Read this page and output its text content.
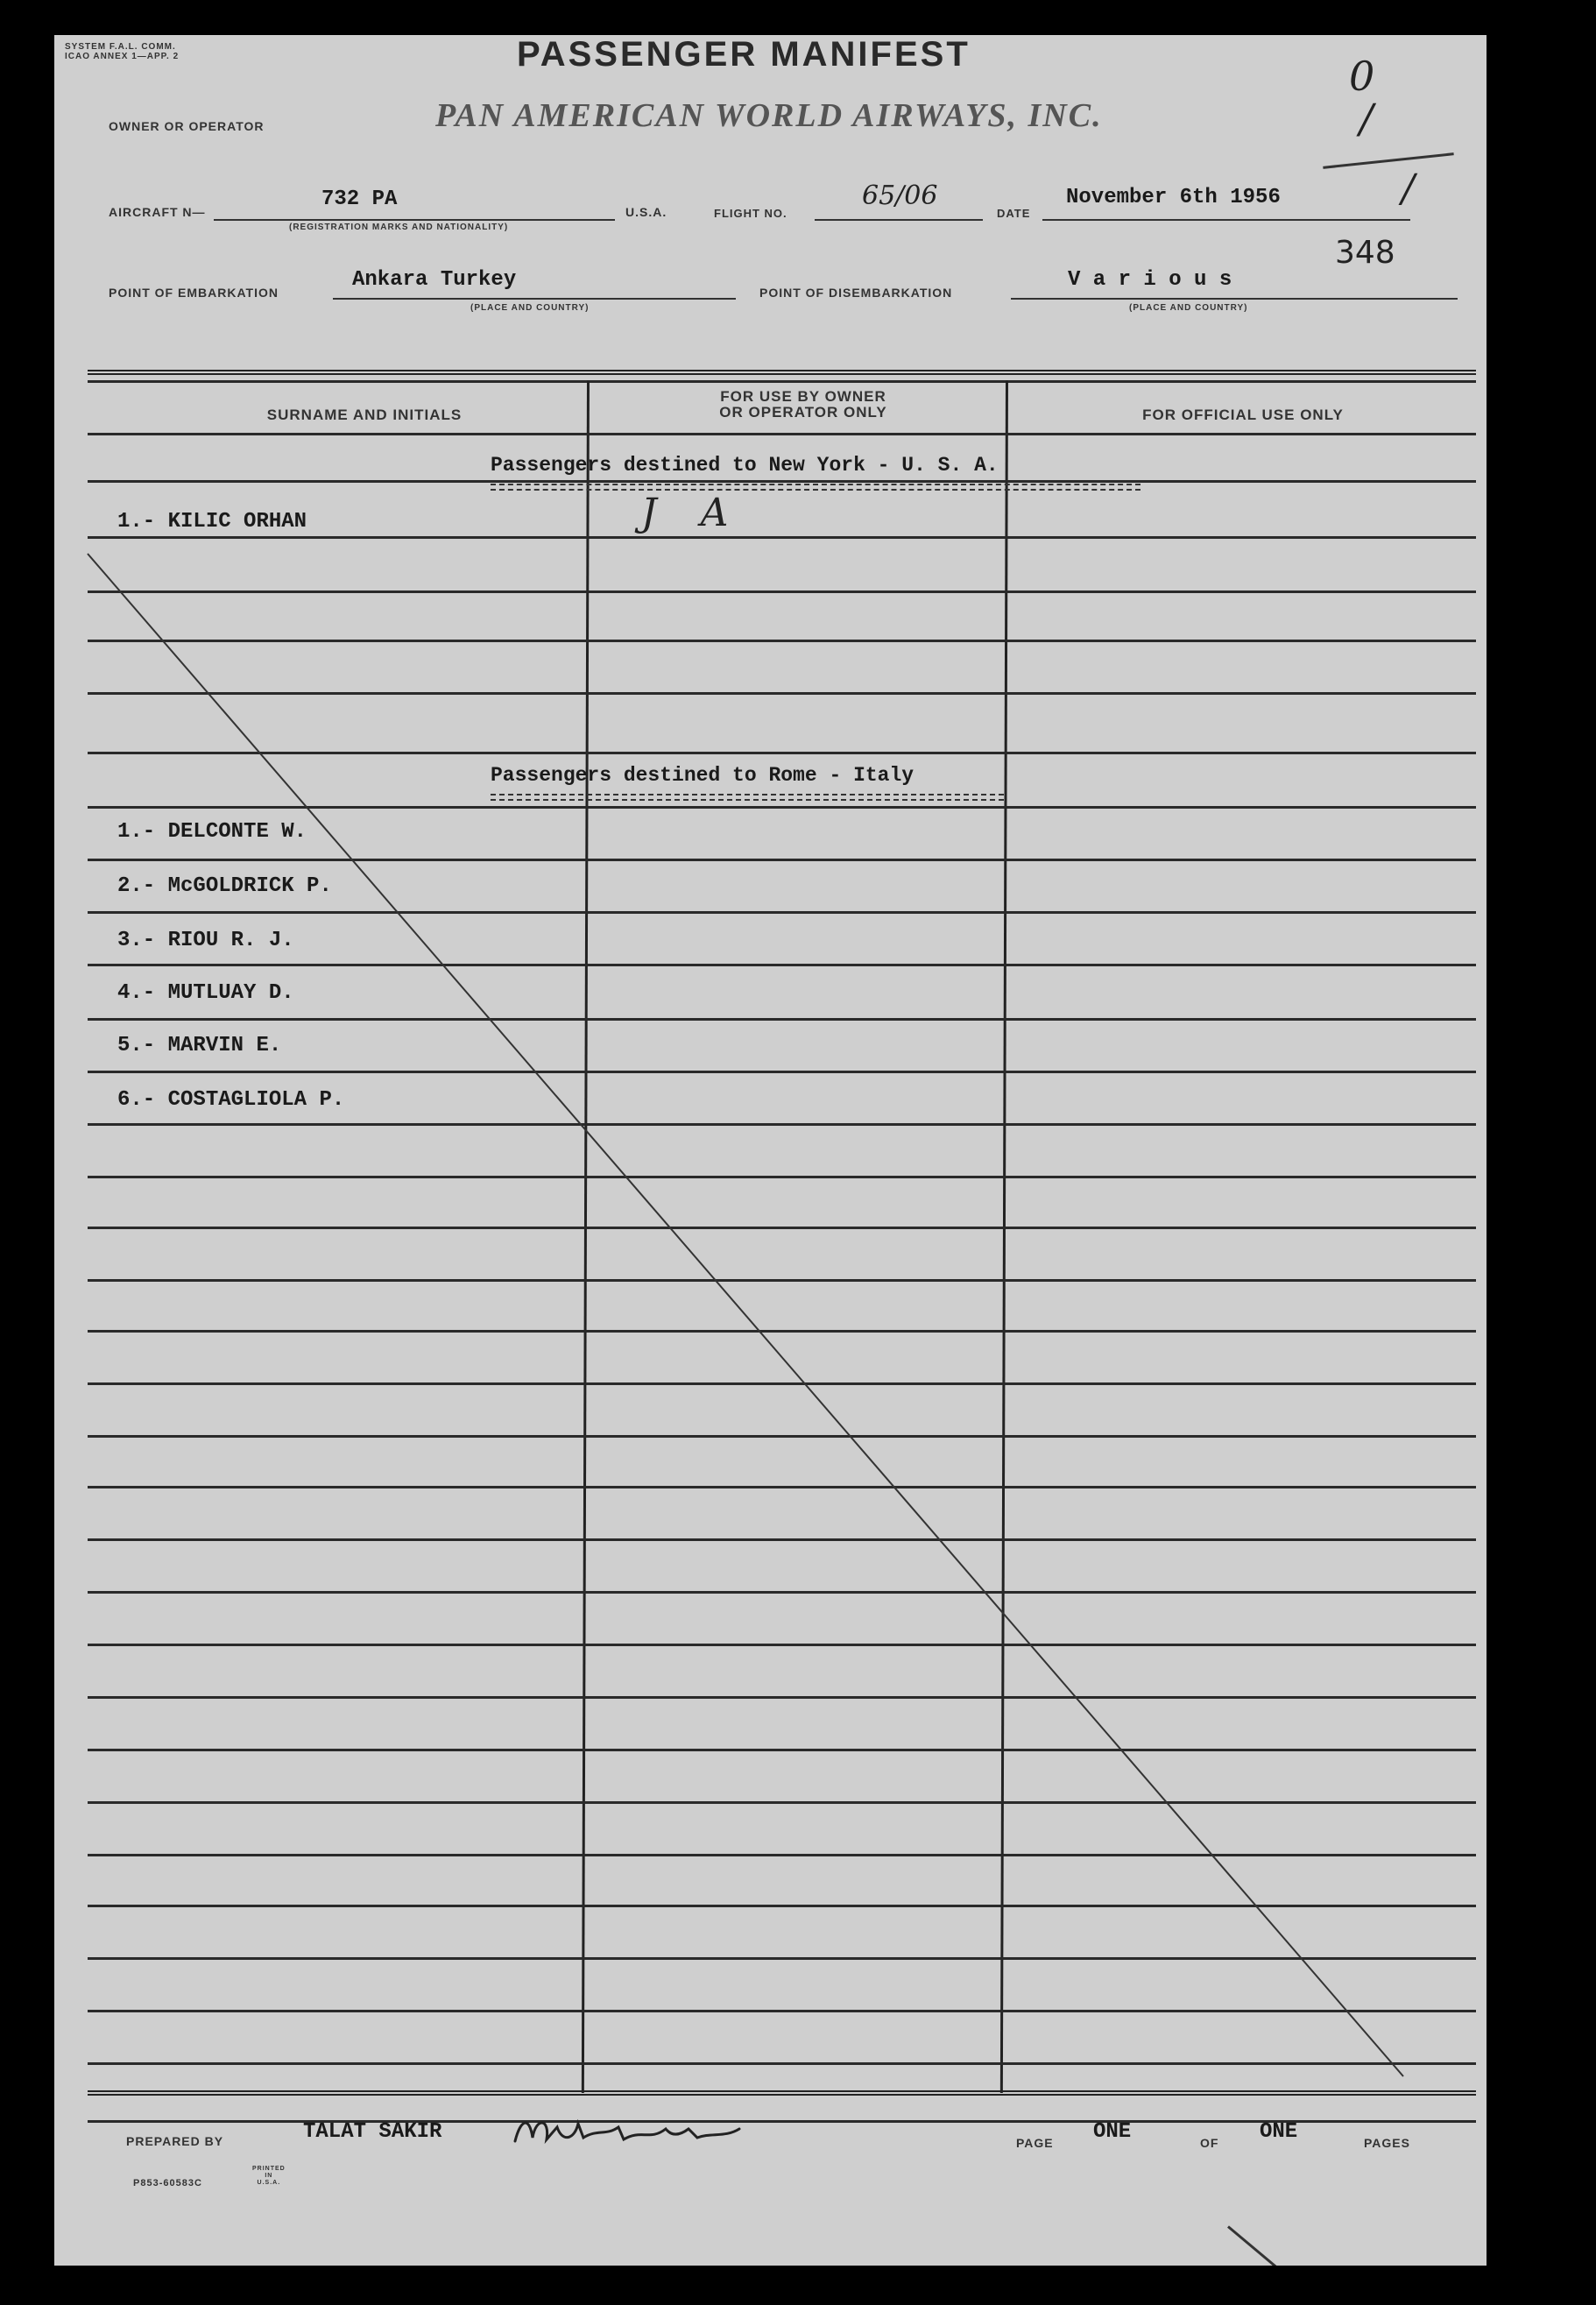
SYSTEM F.A.L. COMM.
ICAO ANNEX 1—APP. 2	PASSENGER MANIFEST
OWNER OR OPERATOR	PAN AMERICAN WORLD AIRWAYS, INC.
0
/
/
348
AIRCRAFT N—
732 PA
(REGISTRATION MARKS AND NATIONALITY)
U.S.A.	FLIGHT NO.
65/06
DATE
November 6th 1956
POINT OF EMBARKATION
Ankara Turkey
(PLACE AND COUNTRY)
POINT OF DISEMBARKATION
V a r i o u s
(PLACE AND COUNTRY)
SURNAME AND INITIALS
FOR USE BY OWNER
OR OPERATOR ONLY	FOR OFFICIAL USE ONLY
Passengers destined to New York - U. S. A.
1.- KILIC ORHAN	J A
Passengers destined to Rome - Italy
1.- DELCONTE W.
2.- McGOLDRICK P.
3.- RIOU R. J.
4.- MUTLUAY D.
5.- MARVIN E.
6.- COSTAGLIOLA P.
PREPARED BY	TALAT SAKIR	PAGE ONE	OF ONE	PAGES
P853-60583C
PRINTED
IN
U.S.A.
